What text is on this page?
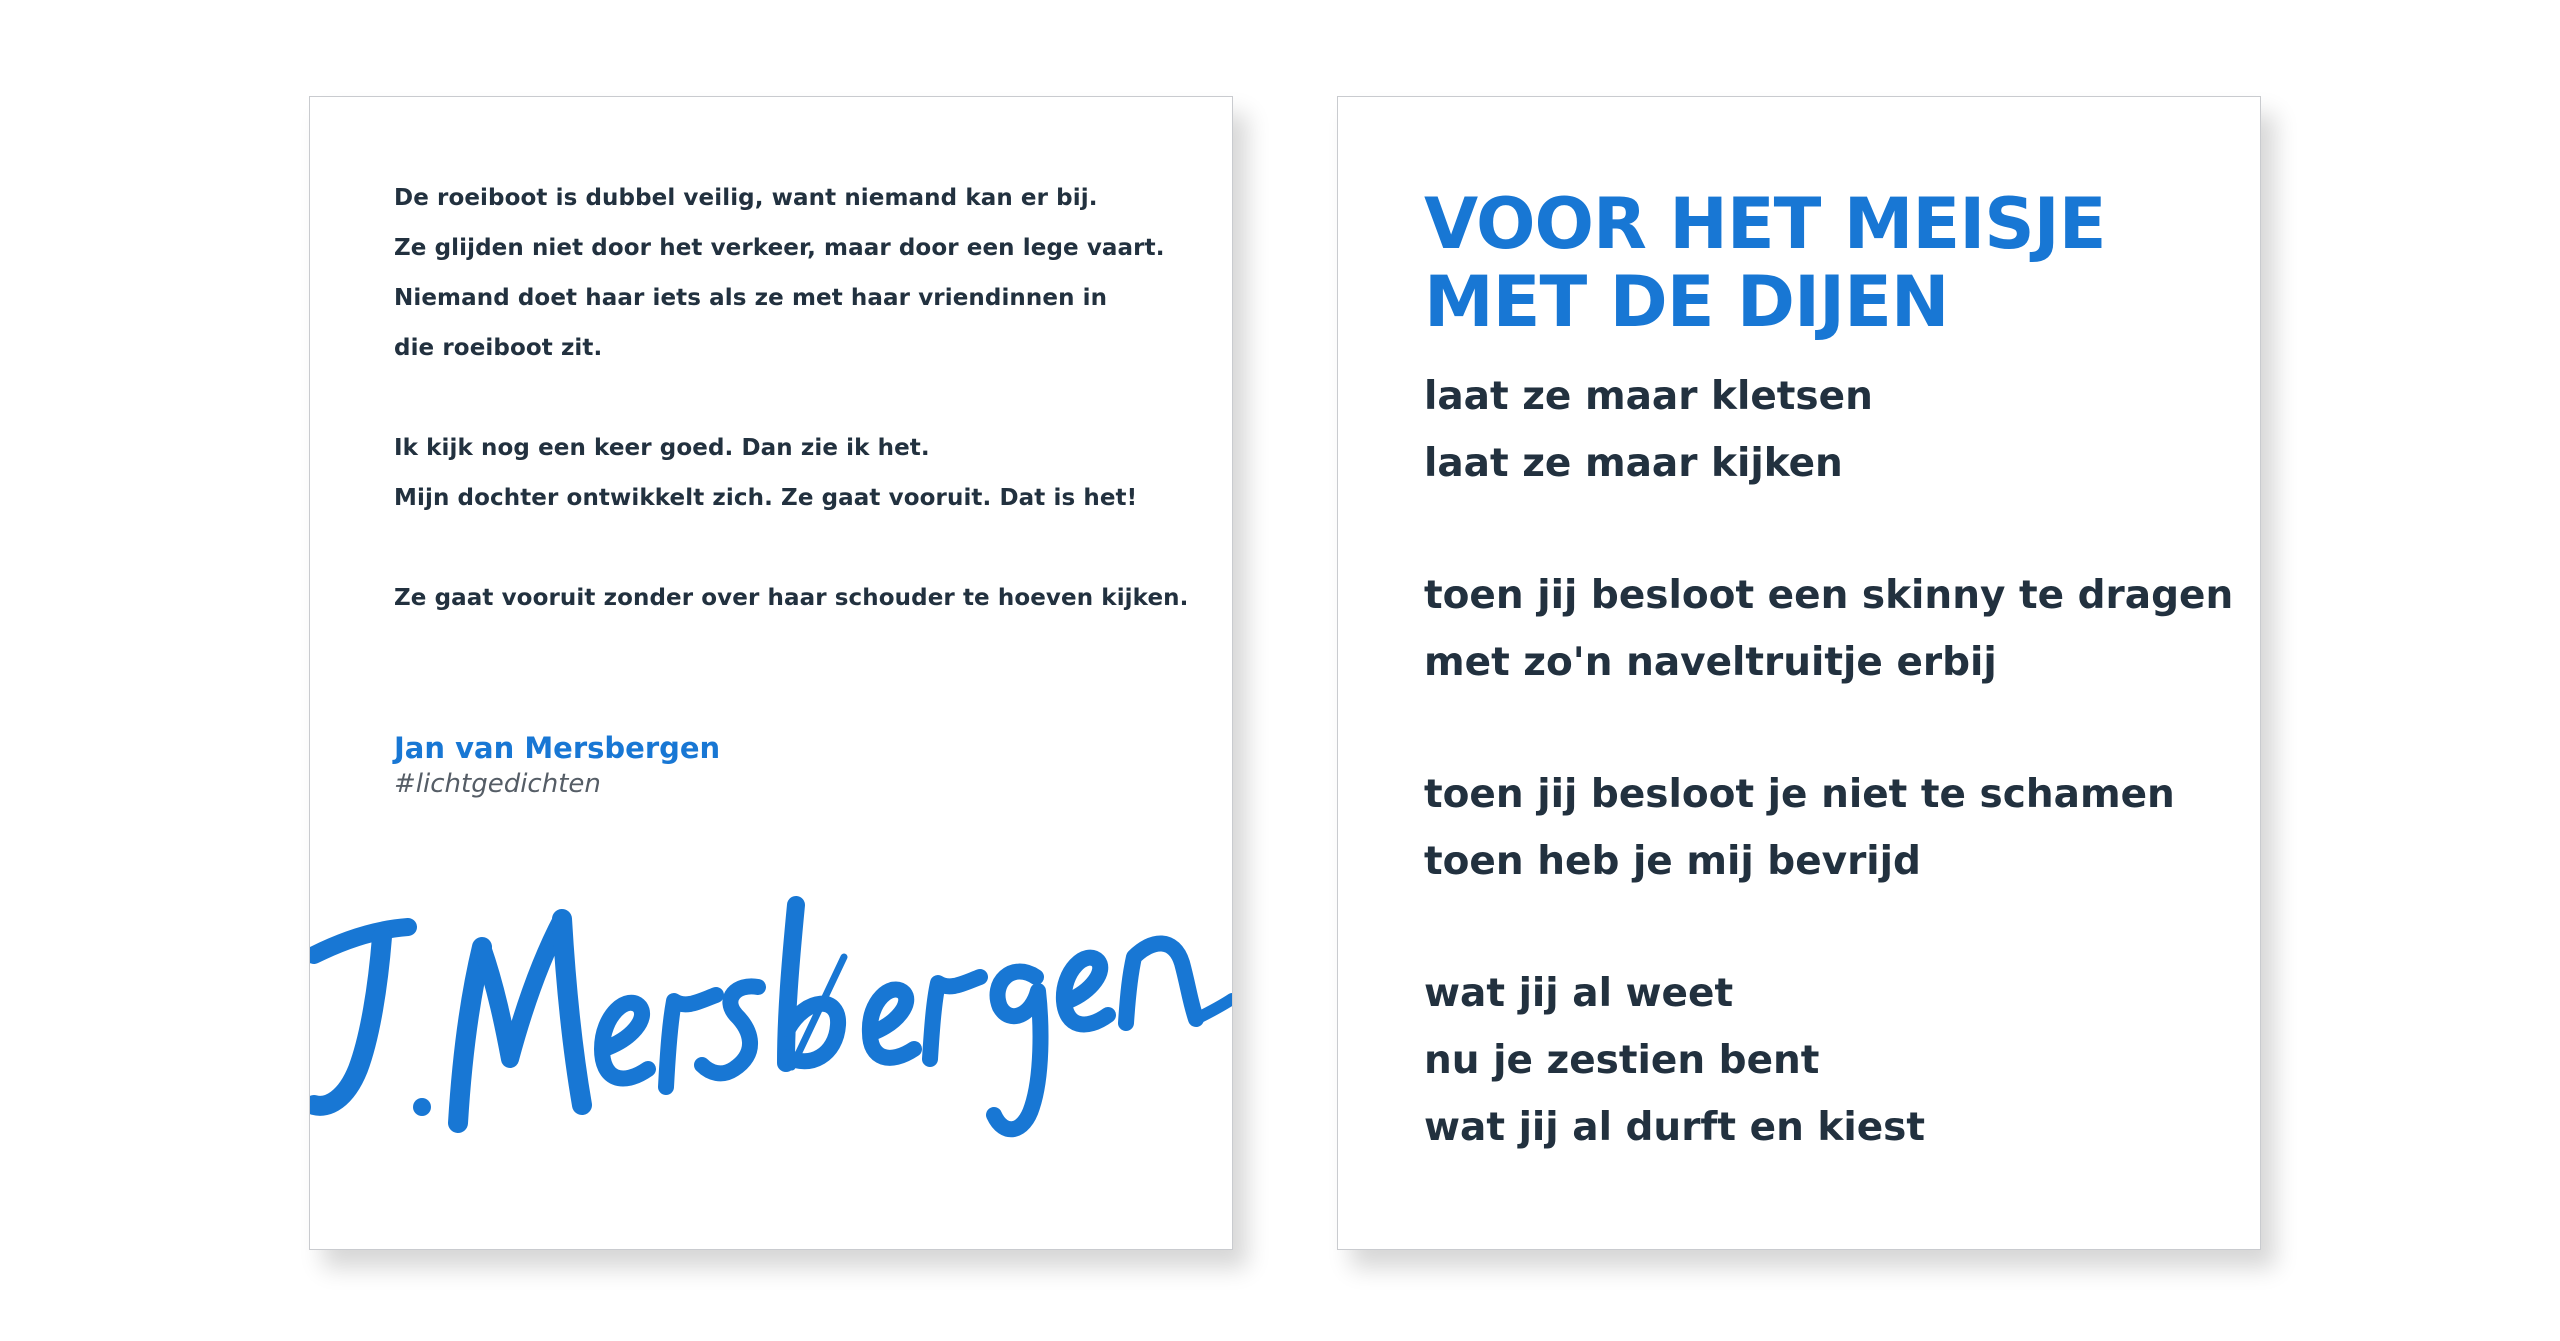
De roeiboot is dubbel veilig, want niemand kan er bij.
Ze glijden niet door het verkeer, maar door een lege vaart.
Niemand doet haar iets als ze met haar vriendinnen in
die roeiboot zit.

Ik kijk nog een keer goed. Dan zie ik het.
Mijn dochter ontwikkelt zich. Ze gaat vooruit. Dat is het!

Ze gaat vooruit zonder over haar schouder te hoeven kijken.

Jan van Mersbergen
#lichtgedichten
VOOR HET MEISJE
MET DE DIJEN

laat ze maar kletsen
laat ze maar kijken

toen jij besloot een skinny te dragen
met zo'n naveltruitje erbij

toen jij besloot je niet te schamen
toen heb je mij bevrijd

wat jij al weet
nu je zestien bent
wat jij al durft en kiest
